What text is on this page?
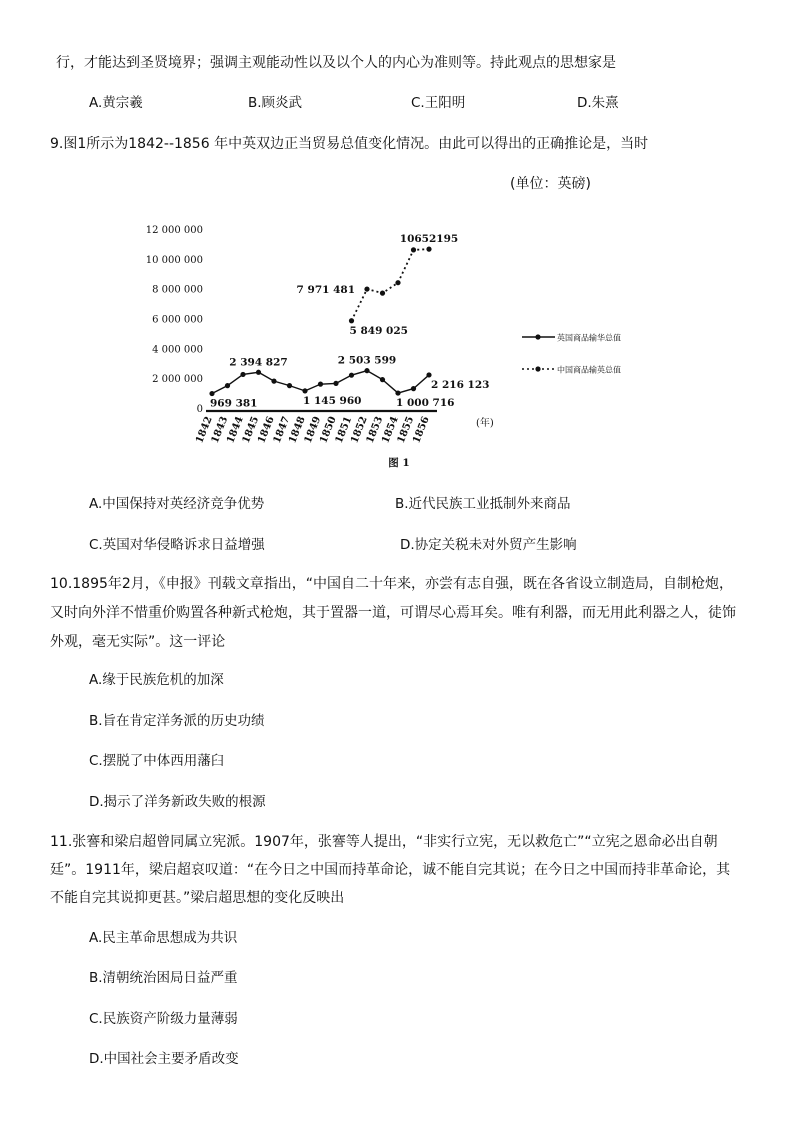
行，才能达到圣贤境界；强调主观能动性以及以个人的内心为准则等。持此观点的思想家是
A.黄宗羲	B.顾炎武	C.王阳明	D.朱熹
9.图1所示为1842--1856 年中英双边正当贸易总值变化情况。由此可以得出的正确推论是，当时
(单位：英磅)
0
2 000 000
4 000 000
6 000 000
8 000 000
10 000 000
12 000 000
1842
1843
1844
1845
1846
1847
1848
1849
1850
1851
1852
1853
1854
1855
1856	(年)
969 381
2 394 827
1 145 960
2 503 599
1 000 716
2 216 123
5 849 025
7 971 481
10652195
英国商品输华总值
中国商品输英总值
图 1
A.中国保持对英经济竞争优势	B.近代民族工业抵制外来商品
C.英国对华侵略诉求日益增强	D.协定关税未对外贸产生影响
10.1895年2月，《申报》刊载文章指出，“中国自二十年来，亦尝有志自强，既在各省设立制造局，自制枪炮，
又时向外洋不惜重价购置各种新式枪炮，其于置器一道，可谓尽心焉耳矣。唯有利器，而无用此利器之人，徒饰
外观，毫无实际”。这一评论
A.缘于民族危机的加深
B.旨在肯定洋务派的历史功绩
C.摆脱了中体西用藩臼
D.揭示了洋务新政失败的根源
11.张謇和梁启超曾同属立宪派。1907年，张謇等人提出，“非实行立宪，无以救危亡”“立宪之恩命必出自朝
廷”。1911年，梁启超哀叹道：“在今日之中国而持革命论，诚不能自完其说；在今日之中国而持非革命论，其
不能自完其说抑更甚。”梁启超思想的变化反映出
A.民主革命思想成为共识
B.清朝统治困局日益严重
C.民族资产阶级力量薄弱
D.中国社会主要矛盾改变
